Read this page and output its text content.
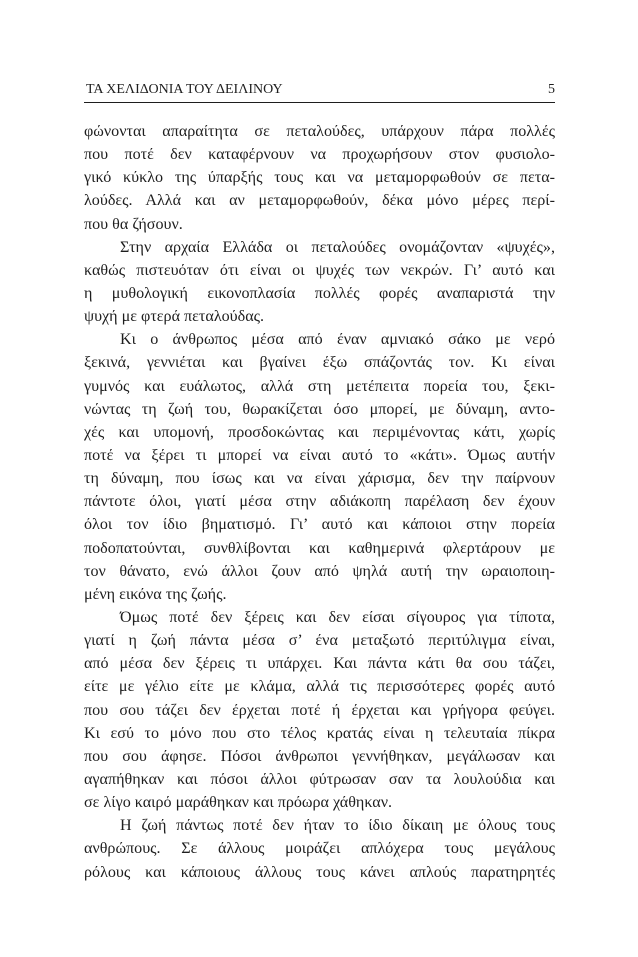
ΤΑ ΧΕΛΙΔΟΝΙΑ ΤΟΥ ΔΕΙΛΙΝΟΥ	5
φώνονται απαραίτητα σε πεταλούδες, υπάρχουν πάρα πολλές
που ποτέ δεν καταφέρνουν να προχωρήσουν στον φυσιολο-
γικό κύκλο της ύπαρξής τους και να μεταμορφωθούν σε πετα-
λούδες. Αλλά και αν μεταμορφωθούν, δέκα μόνο μέρες περί-
που θα ζήσουν.
Στην αρχαία Ελλάδα οι πεταλούδες ονομάζονταν «ψυχές»,
καθώς πιστευόταν ότι είναι οι ψυχές των νεκρών. Γι’ αυτό και
η μυθολογική εικονοπλασία πολλές φορές αναπαριστά την
ψυχή με φτερά πεταλούδας.
Κι ο άνθρωπος μέσα από έναν αμνιακό σάκο με νερό
ξεκινά, γεννιέται και βγαίνει έξω σπάζοντάς τον. Κι είναι
γυμνός και ευάλωτος, αλλά στη μετέπειτα πορεία του, ξεκι-
νώντας τη ζωή του, θωρακίζεται όσο μπορεί, με δύναμη, αντο-
χές και υπομονή, προσδοκώντας και περιμένοντας κάτι, χωρίς
ποτέ να ξέρει τι μπορεί να είναι αυτό το «κάτι». Όμως αυτήν
τη δύναμη, που ίσως και να είναι χάρισμα, δεν την παίρνουν
πάντοτε όλοι, γιατί μέσα στην αδιάκοπη παρέλαση δεν έχουν
όλοι τον ίδιο βηματισμό. Γι’ αυτό και κάποιοι στην πορεία
ποδοπατούνται, συνθλίβονται και καθημερινά φλερτάρουν με
τον θάνατο, ενώ άλλοι ζουν από ψηλά αυτή την ωραιοποιη-
μένη εικόνα της ζωής.
Όμως ποτέ δεν ξέρεις και δεν είσαι σίγουρος για τίποτα,
γιατί η ζωή πάντα μέσα σ’ ένα μεταξωτό περιτύλιγμα είναι,
από μέσα δεν ξέρεις τι υπάρχει. Και πάντα κάτι θα σου τάζει,
είτε με γέλιο είτε με κλάμα, αλλά τις περισσότερες φορές αυτό
που σου τάζει δεν έρχεται ποτέ ή έρχεται και γρήγορα φεύγει.
Κι εσύ το μόνο που στο τέλος κρατάς είναι η τελευταία πίκρα
που σου άφησε. Πόσοι άνθρωποι γεννήθηκαν, μεγάλωσαν και
αγαπήθηκαν και πόσοι άλλοι φύτρωσαν σαν τα λουλούδια και
σε λίγο καιρό μαράθηκαν και πρόωρα χάθηκαν.
Η ζωή πάντως ποτέ δεν ήταν το ίδιο δίκαιη με όλους τους
ανθρώπους. Σε άλλους μοιράζει απλόχερα τους μεγάλους
ρόλους και κάποιους άλλους τους κάνει απλούς παρατηρητές
